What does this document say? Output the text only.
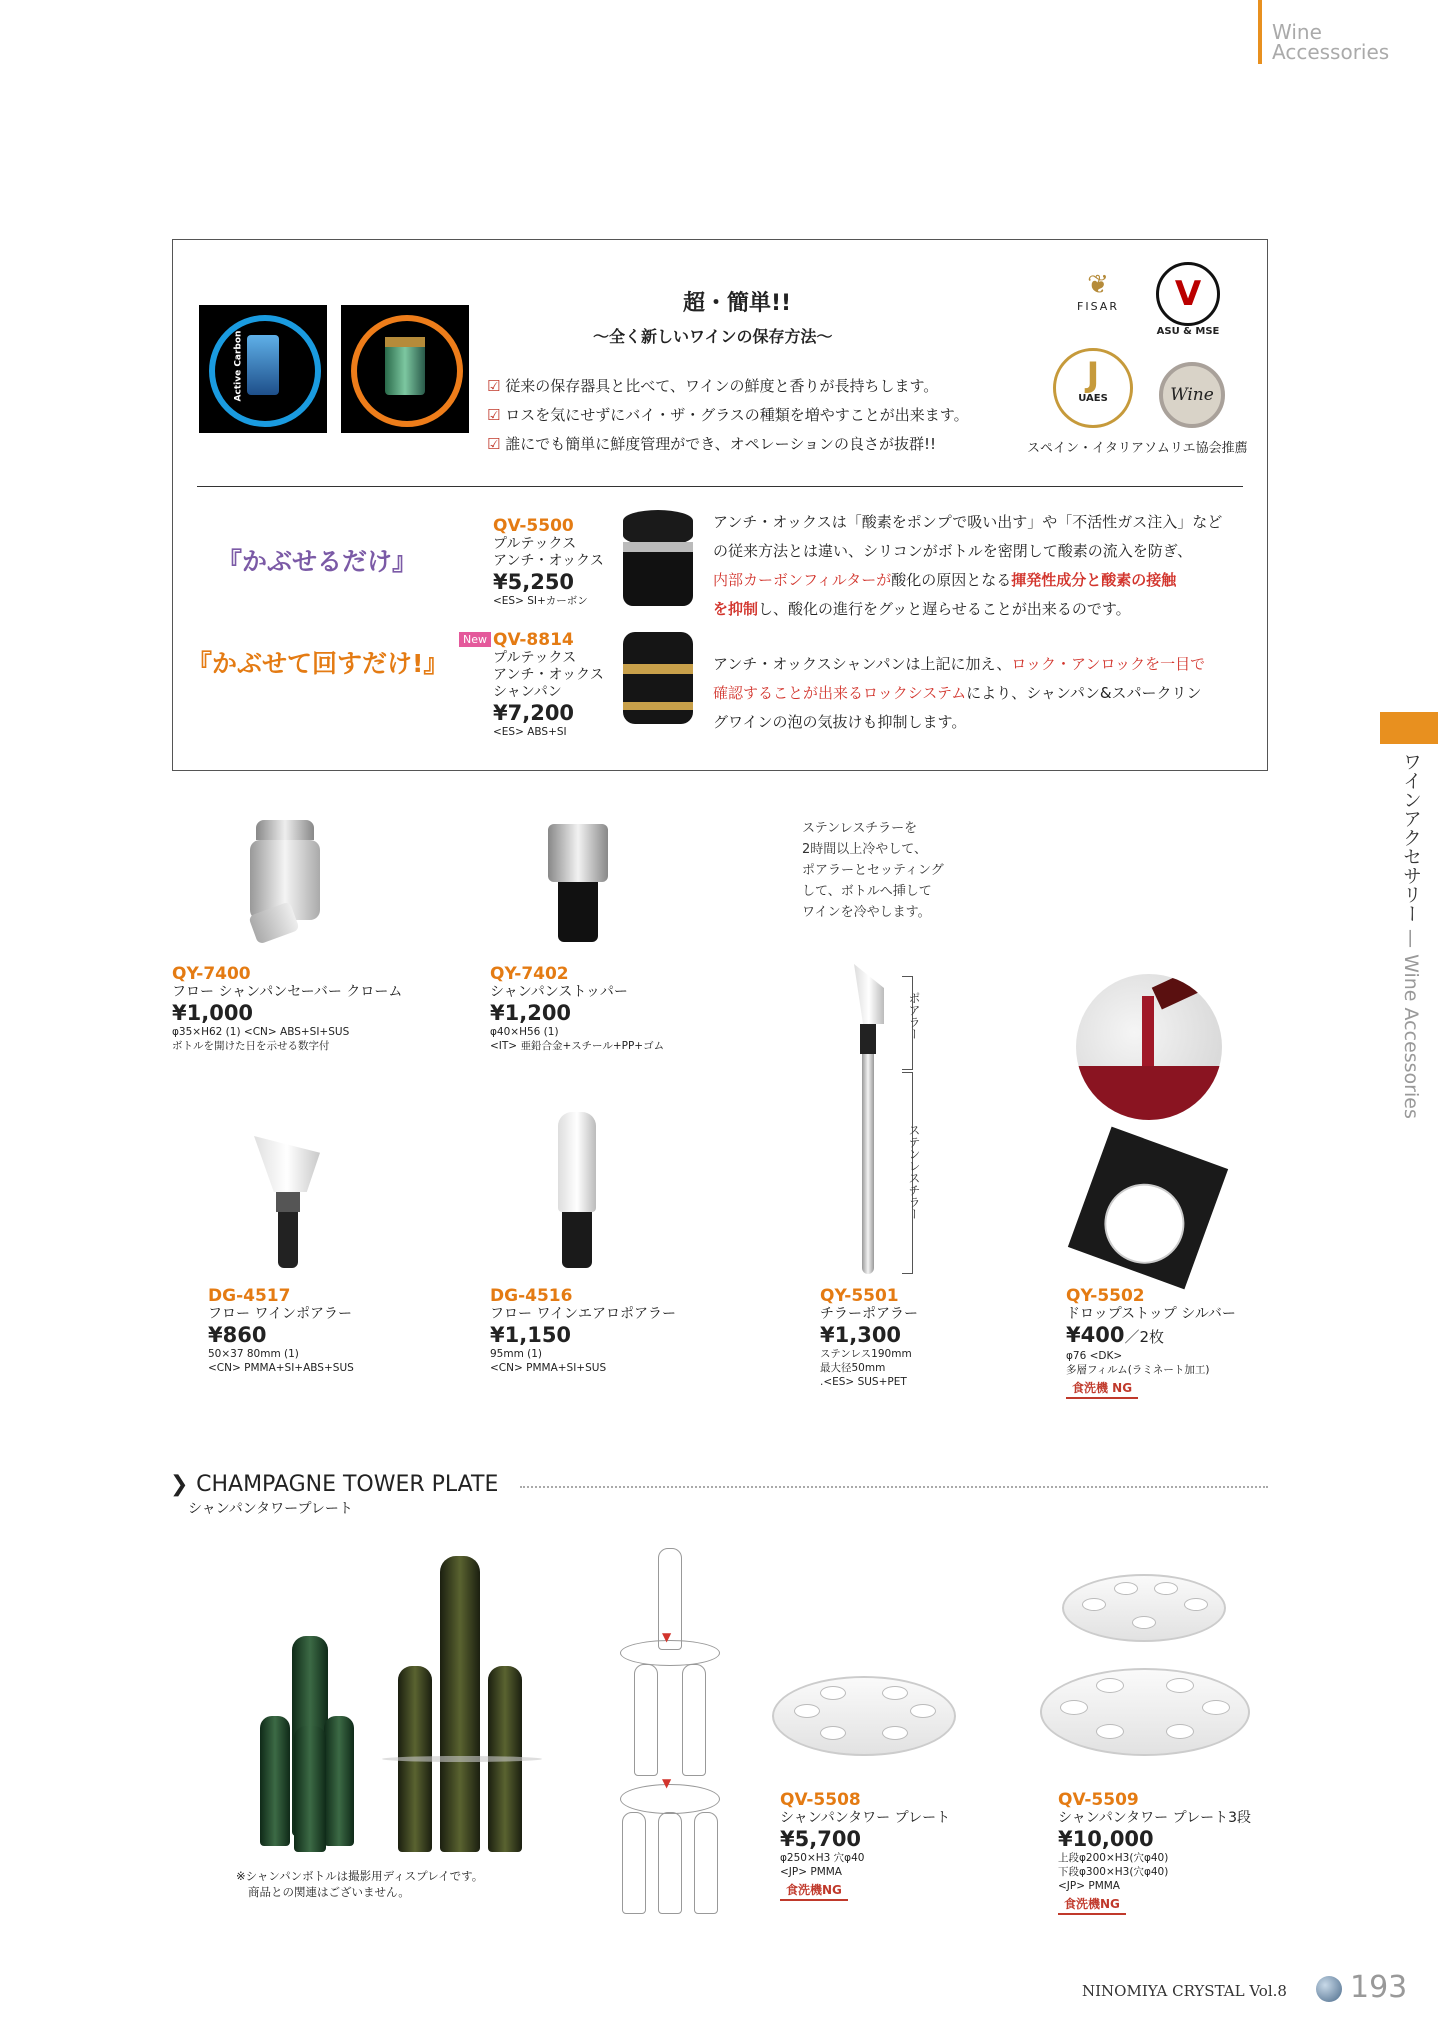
Wine
Accessories
ワインアクセサリー — Wine Accessories
Active Carbon
超・簡単!!
〜全く新しいワインの保存方法〜
☑ 従来の保存器具と比べて、ワインの鮮度と香りが長持ちします。
☑ ロスを気にせずにバイ・ザ・グラスの種類を増やすことが出来ます。
☑ 誰にでも簡単に鮮度管理ができ、オペレーションの良さが抜群!!
❦
FISAR	V
ASU & MSE
J
UAES	Wine
スペイン・イタリアソムリエ協会推薦
『かぶせるだけ』
『かぶせて回すだけ!』
QV-5500
プルテックス
アンチ・オックス
¥5,250
<ES> SI+カーボン
New QV-8814
プルテックス
アンチ・オックス
シャンパン
¥7,200
<ES> ABS+SI
アンチ・オックスは「酸素をポンプで吸い出す」や「不活性ガス注入」など
の従来方法とは違い、シリコンがボトルを密閉して酸素の流入を防ぎ、
内部カーボンフィルターが酸化の原因となる揮発性成分と酸素の接触
を抑制し、酸化の進行をグッと遅らせることが出来るのです。
アンチ・オックスシャンパンは上記に加え、ロック・アンロックを一目で
確認することが出来るロックシステムにより、シャンパン&スパークリン
グワインの泡の気抜けも抑制します。
ステンレスチラーを
2時間以上冷やして、
ポアラーとセッティング
して、ボトルへ挿して
ワインを冷やします。
QY-7400
フロー シャンパンセーバー クローム
¥1,000
φ35×H62 (1) <CN> ABS+SI+SUS
ボトルを開けた日を示せる数字付
QY-7402
シャンパンストッパー
¥1,200
φ40×H56 (1)
<IT> 亜鉛合金+スチール+PP+ゴム
ポアラー
ステンレスチラー
DG-4517
フロー ワインポアラー
¥860
50×37 80mm (1)
<CN> PMMA+SI+ABS+SUS
DG-4516
フロー ワインエアロポアラー
¥1,150
95mm (1)
<CN> PMMA+SI+SUS
QY-5501
チラーポアラー
¥1,300
ステンレス190mm
最大径50mm
.<ES> SUS+PET
QY-5502
ドロップストップ シルバー
¥400／2枚
φ76 <DK>
多層フィルム(ラミネート加工)
食洗機 NG
❯ CHAMPAGNE TOWER PLATE
シャンパンタワープレート
※シャンパンボトルは撮影用ディスプレイです。
商品との関連はございません。
▼
▼
QV-5508
シャンパンタワー プレート
¥5,700
φ250×H3 穴φ40
<JP> PMMA
食洗機NG
QV-5509
シャンパンタワー プレート3段
¥10,000
上段φ200×H3(穴φ40)
下段φ300×H3(穴φ40)
<JP> PMMA
食洗機NG
NINOMIYA CRYSTAL Vol.8 193
